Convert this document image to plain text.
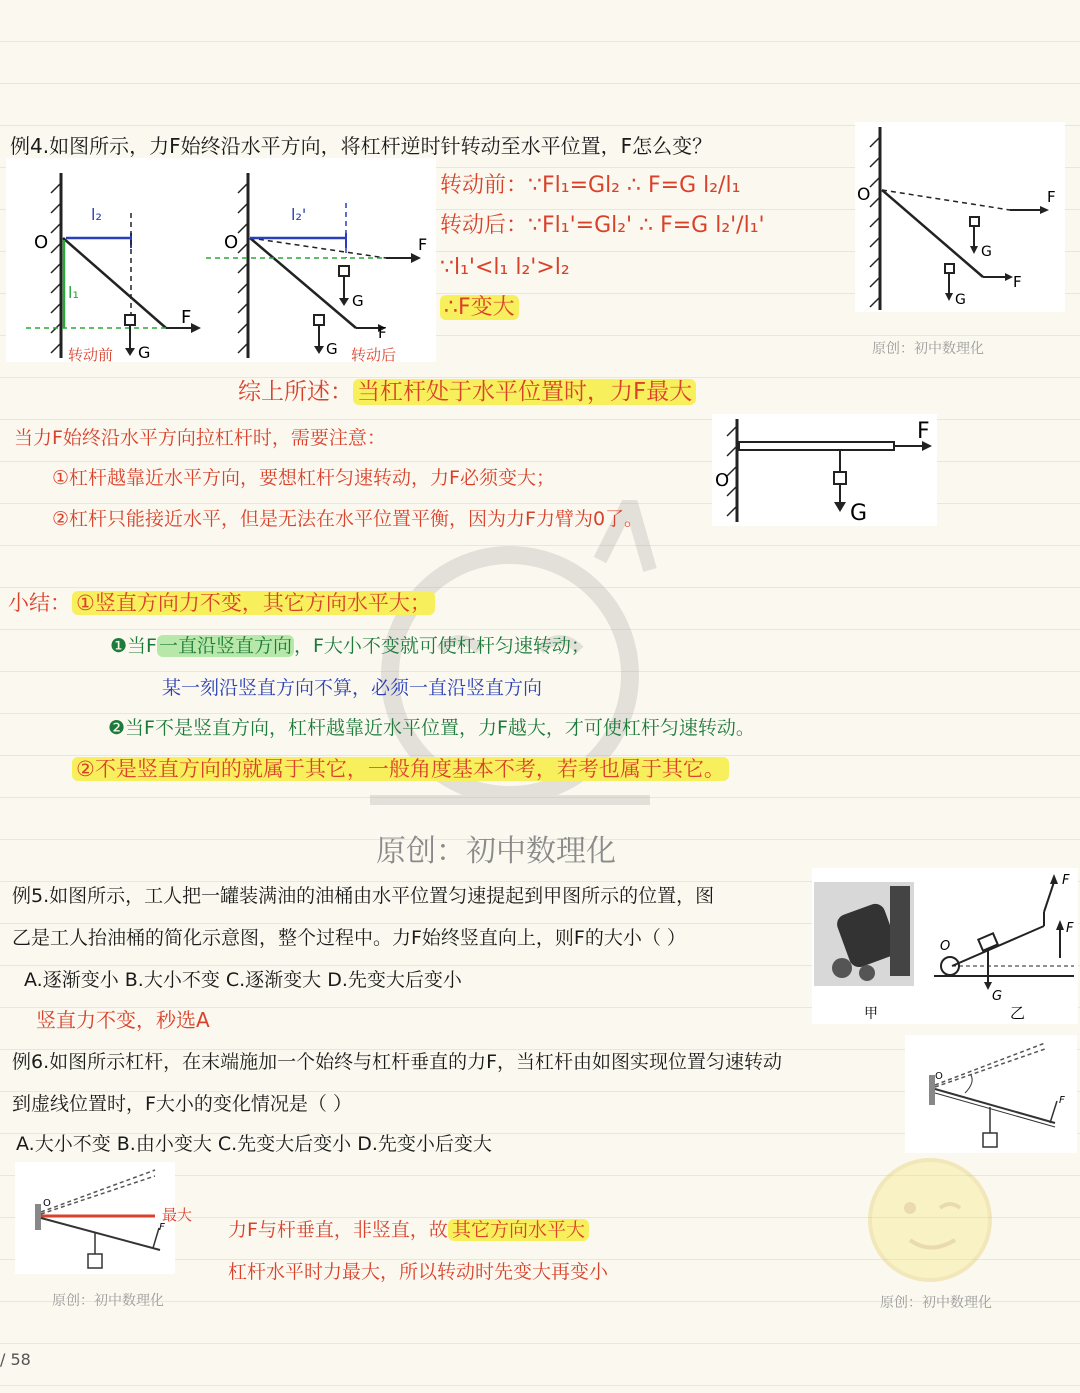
例4.如图所示，力F始终沿水平方向，将杠杆逆时针转动至水平位置，F怎么变？
O
l₂
l₁
F
G
转动前
O
l₂'
F
G
G
F
转动后
转动前：∵Fl₁=Gl₂ ∴ F=G l₂/l₁
转动后：∵Fl₁'=Gl₂' ∴ F=G l₂'/l₁'
∵l₁'<l₁ l₂'>l₂
∴F变大
O	F
F
G
G
原创：初中数理化
综上所述： 当杠杆处于水平位置时，力F最大
当力F始终沿水平方向拉杠杆时，需要注意：
①杠杆越靠近水平方向，要想杠杆匀速转动，力F必须变大；
②杠杆只能接近水平，但是无法在水平位置平衡，因为力F力臂为0了。
O
F
G
小结： ①竖直方向力不变，其它方向水平大；
❶当F 一直沿竖直方向 ，F大小不变就可使杠杆匀速转动；
某一刻沿竖直方向不算，必须一直沿竖直方向
❷当F不是竖直方向，杠杆越靠近水平位置，力F越大，才可使杠杆匀速转动。
②不是竖直方向的就属于其它，一般角度基本不考，若考也属于其它。
原创：初中数理化
例5.如图所示，工人把一罐装满油的油桶由水平位置匀速提起到甲图所示的位置，图
乙是工人抬油桶的简化示意图，整个过程中。力F始终竖直向上，则F的大小（ ）
A.逐渐变小 B.大小不变 C.逐渐变大 D.先变大后变小
竖直力不变，秒选A
O
F
F
G
甲	乙
例6.如图所示杠杆，在末端施加一个始终与杠杆垂直的力F，当杠杆由如图实现位置匀速转动
到虚线位置时，F大小的变化情况是（ ）
A.大小不变 B.由小变大 C.先变大后变小 D.先变小后变大
O
F
O
F
最大
力F与杆垂直，非竖直，故 其它方向水平大
杠杆水平时力最大，所以转动时先变大再变小
原创：初中数理化	原创：初中数理化
/ 58
